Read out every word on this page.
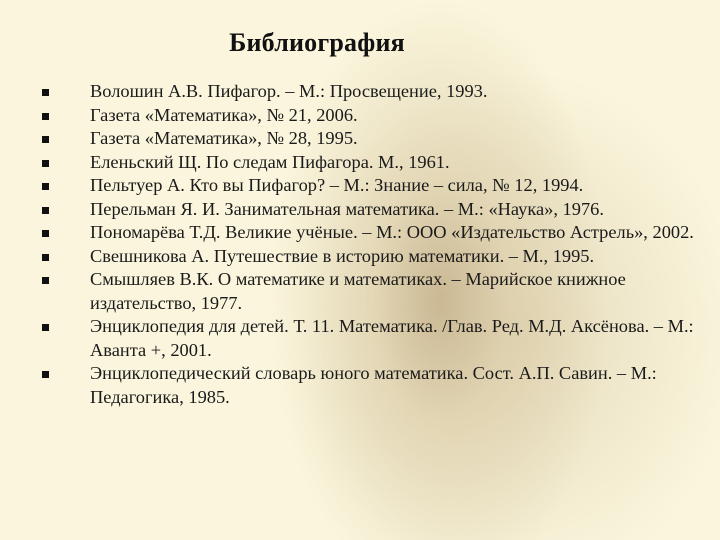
Библиография
Волошин А.В. Пифагор. – М.: Просвещение, 1993.
Газета «Математика», № 21, 2006.
Газета «Математика», № 28, 1995.
Еленьский Щ. По следам Пифагора. М., 1961.
Пельтуер А. Кто вы Пифагор? – М.: Знание – сила, № 12, 1994.
Перельман Я. И. Занимательная математика. – М.: «Наука», 1976.
Пономарёва Т.Д. Великие учёные. – М.: ООО «Издательство Астрель», 2002.
Свешникова А. Путешествие в историю математики. – М., 1995.
Смышляев В.К. О математике и математиках. – Марийское книжное издательство, 1977.
Энциклопедия для детей. Т. 11. Математика. /Глав. Ред. М.Д. Аксёнова. – М.: Аванта +, 2001.
Энциклопедический словарь юного математика. Сост. А.П. Савин. – М.: Педагогика, 1985.
